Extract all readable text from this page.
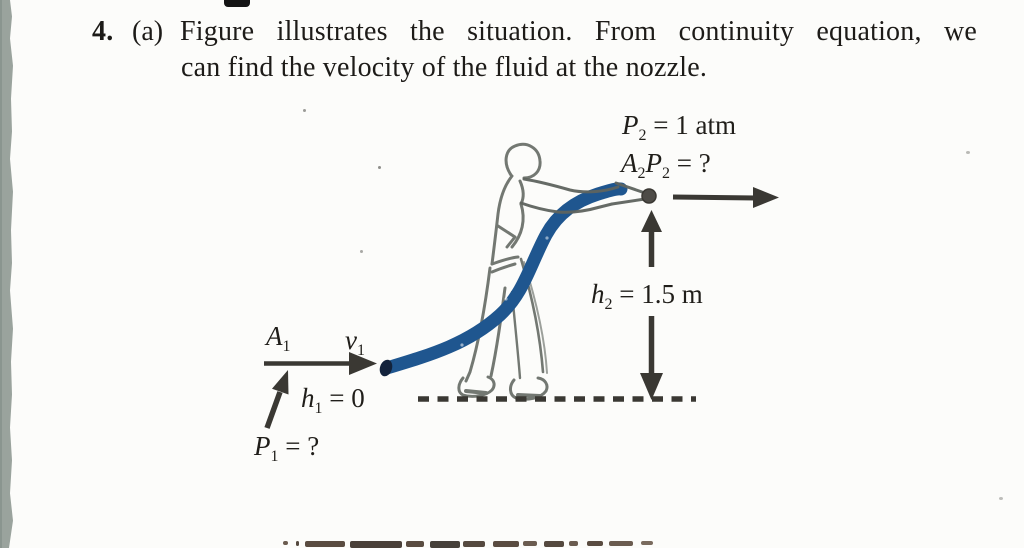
4. (a) Figure illustrates the situation. From continuity equation, we
can find the velocity of the fluid at the nozzle.
$P_2 = 1$ atm
$A_2P_2$ = ?
$h_2 = 1.5$ m
$A_1$ $v_1$
$h_1 = 0$
$P_1$ = ?
